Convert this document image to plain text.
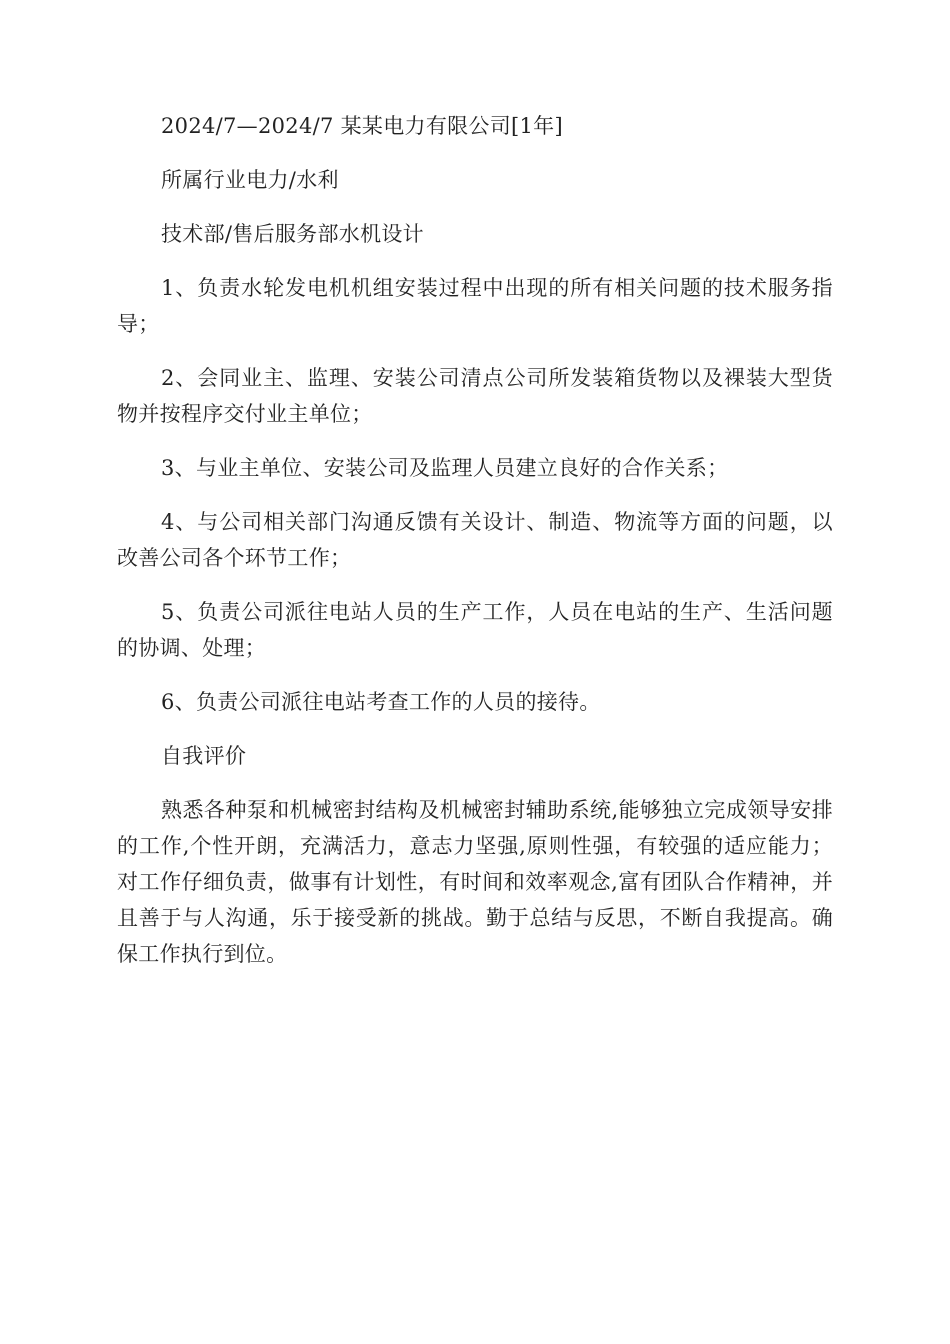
2024/7—2024/7 某某电力有限公司[1年]

所属行业电力/水利

技术部/售后服务部水机设计

1、负责水轮发电机机组安装过程中出现的所有相关问题的技术服务指导；

2、会同业主、监理、安装公司清点公司所发装箱货物以及裸装大型货物并按程序交付业主单位；

3、与业主单位、安装公司及监理人员建立良好的合作关系；

4、与公司相关部门沟通反馈有关设计、制造、物流等方面的问题，以改善公司各个环节工作；

5、负责公司派往电站人员的生产工作，人员在电站的生产、生活问题的协调、处理；

6、负责公司派往电站考查工作的人员的接待。

自我评价

熟悉各种泵和机械密封结构及机械密封辅助系统,能够独立完成领导安排的工作,个性开朗，充满活力，意志力坚强,原则性强，有较强的适应能力；对工作仔细负责，做事有计划性，有时间和效率观念,富有团队合作精神，并且善于与人沟通，乐于接受新的挑战。勤于总结与反思，不断自我提高。确保工作执行到位。
